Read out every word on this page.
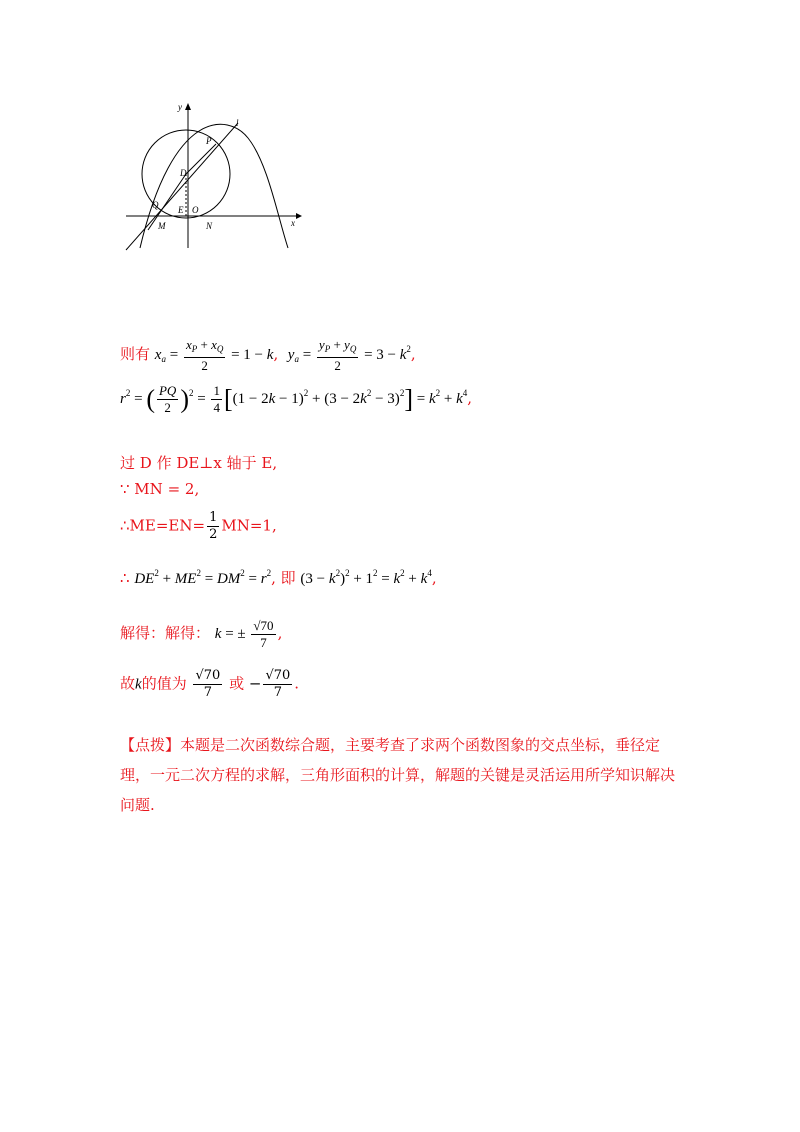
y
l
P
D
Q E O
M	N	x
则有 $x_a = \frac{x_P + x_Q}{2} = 1 - k$, $y_a = \frac{y_P + y_Q}{2} = 3 - k^2$,
$r^2$ = ( $\frac{PQ}{2} )^2 = \frac{1}{4} [(1 - 2k - 1)^2 + (3 - 2k^2 - 3)^2] = k^2 + k^4$,
过 D 作 DE⊥x 轴于 E,
∵ MN = 2,
∴ME=EN= $\frac{1}{2} MN=1$,
∴ $DE^2 + ME^2 = DM^2 = r^2$, 即 $(3 - k^2)^2 + 1^2 = k^2 + k^4$,
解得：解得： k = ± $\frac{√70}{7}$ ,
故k的值为 $\frac{√70}{7}$ 或 − $\frac{√70}{7}$ .
【点拨】本题是二次函数综合题，主要考查了求两个函数图象的交点坐标，垂径定理，一元二次方程的求解，三角形面积的计算，解题的关键是灵活运用所学知识解决问题.
